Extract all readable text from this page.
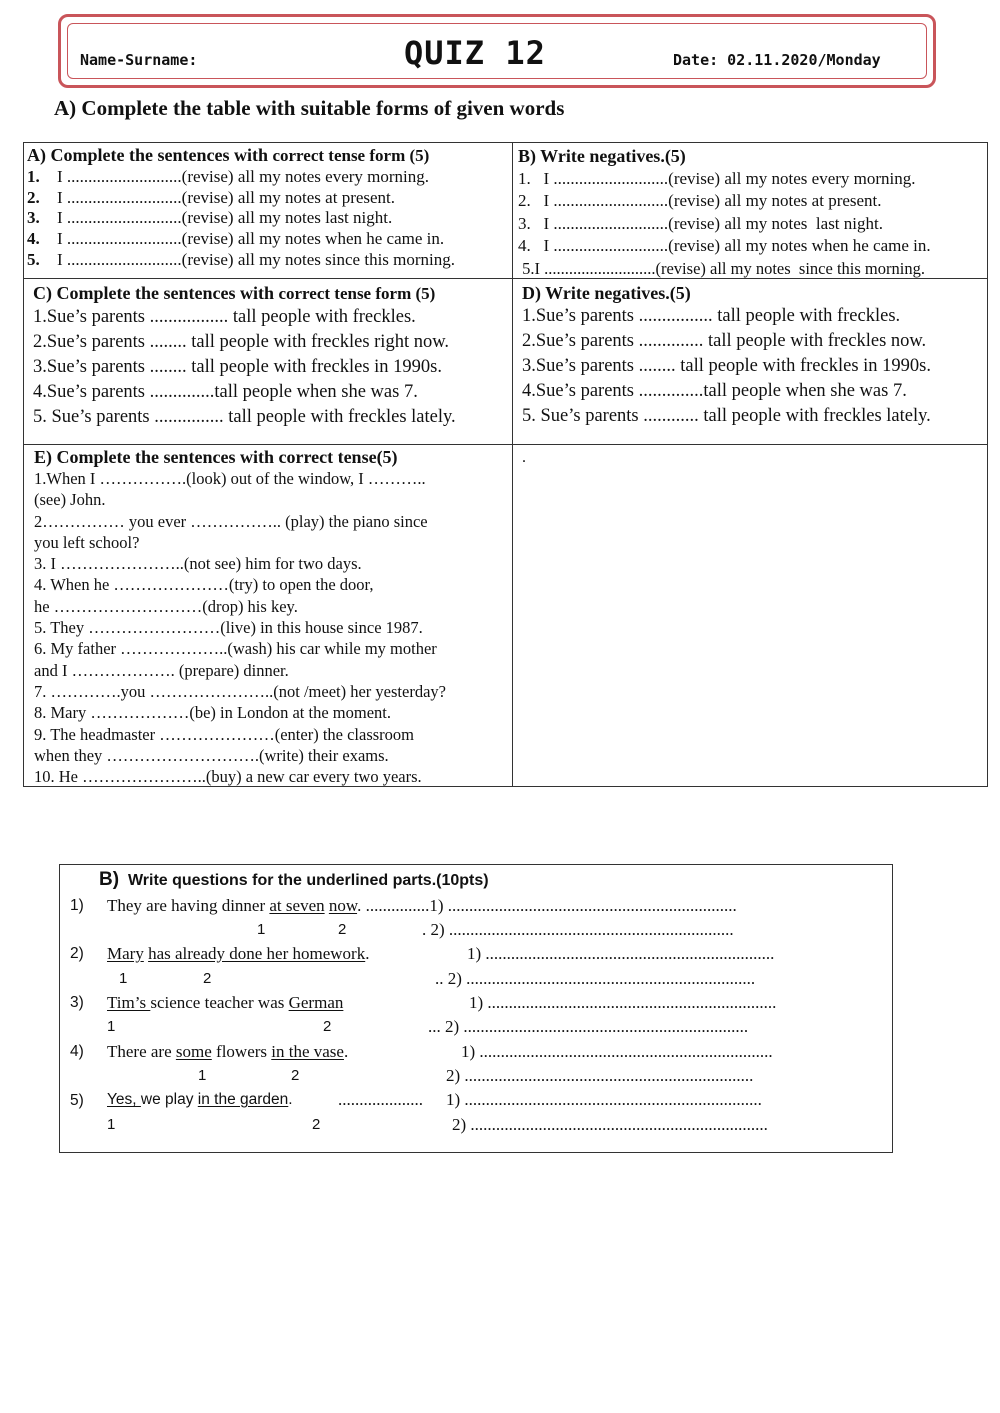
Name-Surname:	QUIZ 12	Date: 02.11.2020/Monday
A) Complete the table with suitable forms of given words
A) Complete the sentences with correct tense form (5)
1. I ...........................(revise) all my notes every morning.
2. I ...........................(revise) all my notes at present.
3. I ...........................(revise) all my notes last night.
4. I ...........................(revise) all my notes when he came in.
5. I ...........................(revise) all my notes since this morning.
B) Write negatives.(5)
1.   I ...........................(revise) all my notes every morning.
2.   I ...........................(revise) all my notes at present.
3.   I ...........................(revise) all my notes  last night.
4.   I ...........................(revise) all my notes when he came in.
5.I ...........................(revise) all my notes  since this morning.
C) Complete the sentences with correct tense form (5)
1.Sue’s parents ................. tall people with freckles.
2.Sue’s parents ........ tall people with freckles right now.
3.Sue’s parents ........ tall people with freckles in 1990s.
4.Sue’s parents ..............tall people when she was 7.
5. Sue’s parents ............... tall people with freckles lately.
D) Write negatives.(5)
1.Sue’s parents ................ tall people with freckles.
2.Sue’s parents .............. tall people with freckles now.
3.Sue’s parents ........ tall people with freckles in 1990s.
4.Sue’s parents ..............tall people when she was 7.
5. Sue’s parents ............ tall people with freckles lately.
E) Complete the sentences with correct tense(5)
1.When I …………….(look) out of the window, I ………..
(see) John.
2…………… you ever …………….. (play) the piano since
you left school?
3. I …………………..(not see) him for two days.
4. When he …………………(try) to open the door,
he ………………………(drop) his key.
5. They ……………………(live) in this house since 1987.
6. My father ………………..(wash) his car while my mother
and I ………………. (prepare) dinner.
7. ………….you …………………..(not /meet) her yesterday?
8. Mary ………………(be) in London at the moment.
9. The headmaster …………………(enter) the classroom
when they ……………………….(write) their exams.
10. He …………………..(buy) a new car every two years.
.
B) Write questions for the underlined parts.(10pts)
1) They are having dinner at seven now. ...............1) ....................................................................
1	2	. 2) ...................................................................
2) Mary has already done her homework.	1) ....................................................................
1	2	.. 2) ....................................................................
3) Tim’s science teacher was German	1) ....................................................................
1	2	... 2) ...................................................................
4) There are some flowers in the vase.	1) .....................................................................
1	2	2) ....................................................................
5) Yes, we play in the garden.	.................... 1) ......................................................................
1	2	2) ......................................................................
